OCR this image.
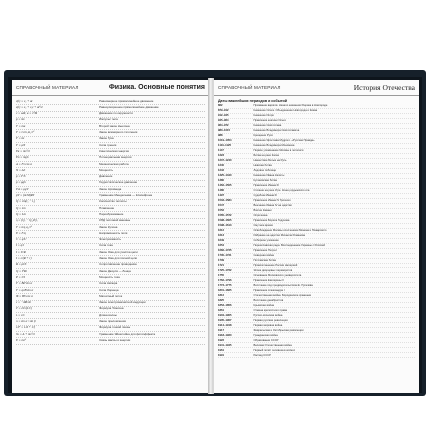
СПРАВОЧНЫЙ МАТЕРИАЛ	Физика. Основные понятия
v(t) = v₀ + at	Равномерное прямолинейное движение
x(t) = x₀ + v₀t + at²/2	Равноускоренное прямолинейное движение
v = ωR; a = v²/R	Движение по окружности
p = mv	Импульс тела
F = ma	Второй закон Ньютона
F = G·m₁m₂/r²	Закон всемирного тяготения
F = kx	Закон Гука
F = μN	Сила трения
Eк = mv²/2	Кинетическая энергия
Eп = mgh	Потенциальная энергия
A = Fs·cos α	Механическая работа
N = A/t	Мощность
p = F/S	Давление
p = ρgh	Гидростатическое давление
FА = ρgV	Закон Архимеда
pV = (m/M)RT	Уравнение Менделеева — Клапейрона
Q = cm(t₂ − t₁)	Количество теплоты
Q = λm	Плавление
Q = Lm	Парообразование
η = (Q₁ − Q₂)/Q₁	КПД тепловой машины
F = k·q₁q₂/r²	Закон Кулона
E = F/q	Напряжённость поля
C = q/U	Электроёмкость
I = q/t	Сила тока
I = U/R	Закон Ома для участка цепи
I = ε/(R + r)	Закон Ома для полной цепи
R = ρl/S	Сопротивление проводника
Q = I²Rt	Закон Джоуля — Ленца
P = UI	Мощность тока
F = BIl·sin α	Сила Ампера
F = qvB·sin α	Сила Лоренца
Φ = BS·cos α	Магнитный поток
ε = −ΔΦ/Δt	Закон электромагнитной индукции
T = 2π√(LC)	Формула Томсона
λ = v/ν	Длина волны
n = sin α / sin β	Закон преломления
1/F = 1/d + 1/f	Формула тонкой линзы
hν = A + mv²/2	Уравнение Эйнштейна для фотоэффекта
E = mc²	Связь массы и энергии
СПРАВОЧНЫЙ МАТЕРИАЛ	История Отечества
Даты важнейших периодов и событий
862	Призвание варягов. Начало княжения Рюрика в Новгороде
879–912	Княжение Олега. Объединение Новгорода и Киева
912–945	Княжение Игоря
945–964	Правление княгини Ольги
964–972	Княжение Святослава
980–1015	Княжение Владимира Святославича
988	Крещение Руси
1019–1054	Княжение Ярослава Мудрого. «Русская Правда»
1113–1125	Княжение Владимира Мономаха
1147	Первое упоминание Москвы в летописи
1223	Битва на реке Калке
1237–1240	Нашествие Батыя на Русь
1240	Невская битва
1242	Ледовое побоище
1325–1340	Княжение Ивана Калиты
1380	Куликовская битва
1462–1505	Правление Ивана III
1480	Стояние на реке Угре. Конец ордынского ига
1497	Судебник Ивана III
1533–1584	Правление Ивана IV Грозного
1547	Венчание Ивана IV на царство
1552	Взятие Казани
1565–1572	Опричнина
1598–1605	Правление Бориса Годунова
1598–1613	Смутное время
1612	Освобождение Москвы ополчением Минина и Пожарского
1613	Избрание на царство Михаила Романова
1649	Соборное уложение
1654	Переяславская рада. Воссоединение Украины с Россией
1682–1725	Правление Петра I
1700–1721	Северная война
1709	Полтавская битва
1721	Провозглашение России империей
1725–1762	Эпоха дворцовых переворотов
1755	Основание Московского университета
1762–1796	Правление Екатерины II
1773–1775	Восстание под предводительством Е. Пугачёва
1801–1825	Правление Александра I
1812	Отечественная война. Бородинское сражение
1825	Восстание декабристов
1853–1856	Крымская война
1861	Отмена крепостного права
1904–1905	Русско-японская война
1905–1907	Первая русская революция
1914–1918	Первая мировая война
1917	Февральская и Октябрьская революции
1918–1920	Гражданская война
1922	Образование СССР
1941–1945	Великая Отечественная война
1961	Первый полёт человека в космос
1991	Распад СССР
